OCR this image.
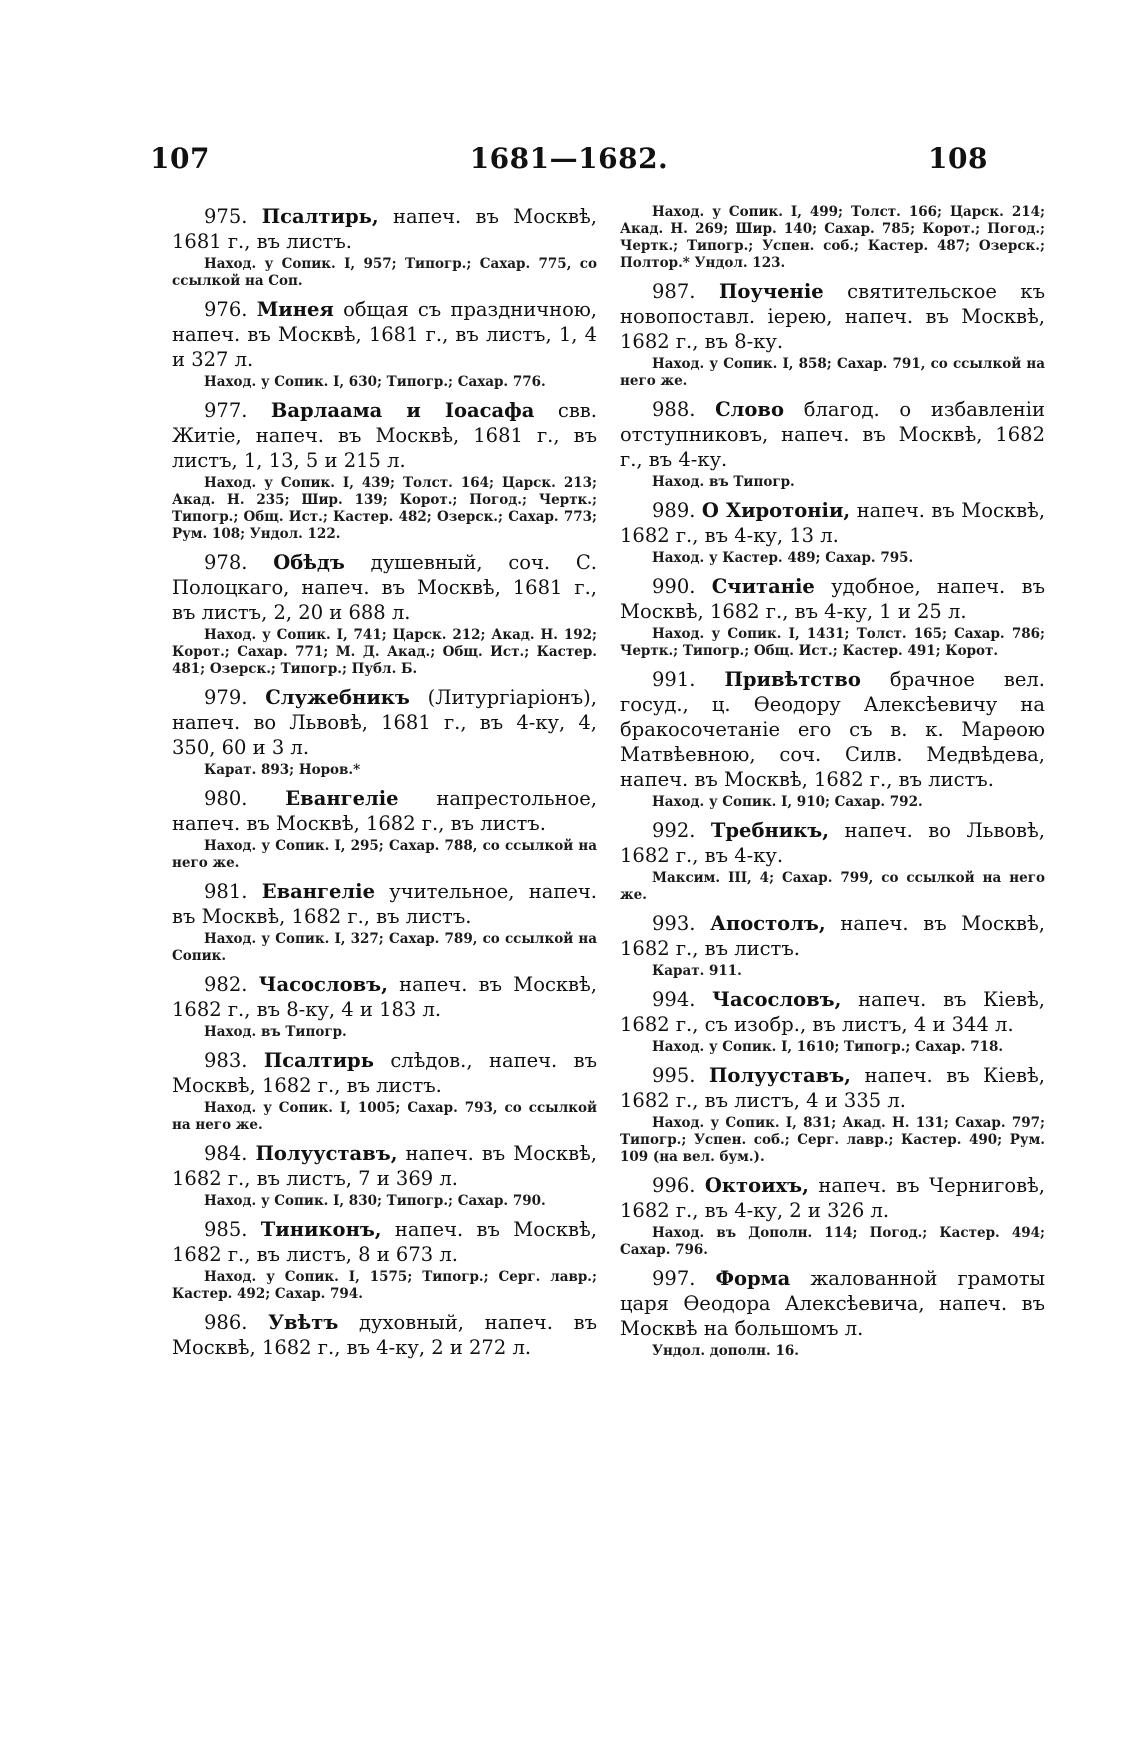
107	1681—1682.	108

975. Псалтирь, напеч. въ Москвѣ, 1681 г., въ листъ.

Наход. у Сопик. I, 957; Типогр.; Сахар. 775, со ссылкой на Соп.

976. Минея общая съ праздничною, напеч. въ Москвѣ, 1681 г., въ листъ, 1, 4 и 327 л.

Наход. у Сопик. I, 630; Типогр.; Сахар. 776.

977. Варлаама и Іоасафа свв. Житіе, напеч. въ Москвѣ, 1681 г., въ листъ, 1, 13, 5 и 215 л.

Наход. у Сопик. I, 439; Толст. 164; Царск. 213; Акад. Н. 235; Шир. 139; Корот.; Погод.; Чертк.; Типогр.; Общ. Ист.; Кастер. 482; Озерск.; Сахар. 773; Рум. 108; Ундол. 122.

978. Обѣдъ душевный, соч. С. Полоцкаго, напеч. въ Москвѣ, 1681 г., въ листъ, 2, 20 и 688 л.

Наход. у Сопик. I, 741; Царск. 212; Акад. Н. 192; Корот.; Сахар. 771; М. Д. Акад.; Общ. Ист.; Кастер. 481; Озерск.; Типогр.; Публ. Б.

979. Служебникъ (Литургіаріонъ), напеч. во Львовѣ, 1681 г., въ 4-ку, 4, 350, 60 и 3 л.

Карат. 893; Норов.*

980. Евангеліе напрестольное, напеч. въ Москвѣ, 1682 г., въ листъ.

Наход. у Сопик. I, 295; Сахар. 788, со ссылкой на него же.

981. Евангеліе учительное, напеч. въ Москвѣ, 1682 г., въ листъ.

Наход. у Сопик. I, 327; Сахар. 789, со ссылкой на Сопик.

982. Часословъ, напеч. въ Москвѣ, 1682 г., въ 8-ку, 4 и 183 л.

Наход. въ Типогр.

983. Псалтирь слѣдов., напеч. въ Москвѣ, 1682 г., въ листъ.

Наход. у Сопик. I, 1005; Сахар. 793, со ссылкой на него же.

984. Полууставъ, напеч. въ Москвѣ, 1682 г., въ листъ, 7 и 369 л.

Наход. у Сопик. I, 830; Типогр.; Сахар. 790.

985. Тиниконъ, напеч. въ Москвѣ, 1682 г., въ листъ, 8 и 673 л.

Наход. у Сопик. I, 1575; Типогр.; Серг. лавр.; Кастер. 492; Сахар. 794.

986. Увѣтъ духовный, напеч. въ Москвѣ, 1682 г., въ 4-ку, 2 и 272 л.

Наход. у Сопик. I, 499; Толст. 166; Царск. 214; Акад. Н. 269; Шир. 140; Сахар. 785; Корот.; Погод.; Чертк.; Типогр.; Успен. соб.; Кастер. 487; Озерск.; Полтор.* Ундол. 123.

987. Поученіе святительское къ новопоставл. іерею, напеч. въ Москвѣ, 1682 г., въ 8-ку.

Наход. у Сопик. I, 858; Сахар. 791, со ссылкой на него же.

988. Слово благод. о избавленіи отступниковъ, напеч. въ Москвѣ, 1682 г., въ 4-ку.

Наход. въ Типогр.

989. О Хиротоніи, напеч. въ Москвѣ, 1682 г., въ 4-ку, 13 л.

Наход. у Кастер. 489; Сахар. 795.

990. Считаніе удобное, напеч. въ Москвѣ, 1682 г., въ 4-ку, 1 и 25 л.

Наход. у Сопик. I, 1431; Толст. 165; Сахар. 786; Чертк.; Типогр.; Общ. Ист.; Кастер. 491; Корот.

991. Привѣтство брачное вел. госуд., ц. Ѳеодору Алексѣевичу на бракосочетаніе его съ в. к. Марѳою Матвѣевною, соч. Силв. Медвѣдева, напеч. въ Москвѣ, 1682 г., въ листъ.

Наход. у Сопик. I, 910; Сахар. 792.

992. Требникъ, напеч. во Львовѣ, 1682 г., въ 4-ку.

Максим. III, 4; Сахар. 799, со ссылкой на него же.

993. Апостолъ, напеч. въ Москвѣ, 1682 г., въ листъ.

Карат. 911.

994. Часословъ, напеч. въ Кіевѣ, 1682 г., съ изобр., въ листъ, 4 и 344 л.

Наход. у Сопик. I, 1610; Типогр.; Сахар. 718.

995. Полууставъ, напеч. въ Кіевѣ, 1682 г., въ листъ, 4 и 335 л.

Наход. у Сопик. I, 831; Акад. Н. 131; Сахар. 797; Типогр.; Успен. соб.; Серг. лавр.; Кастер. 490; Рум. 109 (на вел. бум.).

996. Октоихъ, напеч. въ Черниговѣ, 1682 г., въ 4-ку, 2 и 326 л.

Наход. въ Дополн. 114; Погод.; Кастер. 494; Сахар. 796.

997. Форма жалованной грамоты царя Ѳеодора Алексѣевича, напеч. въ Москвѣ на большомъ л.

Ундол. дополн. 16.
